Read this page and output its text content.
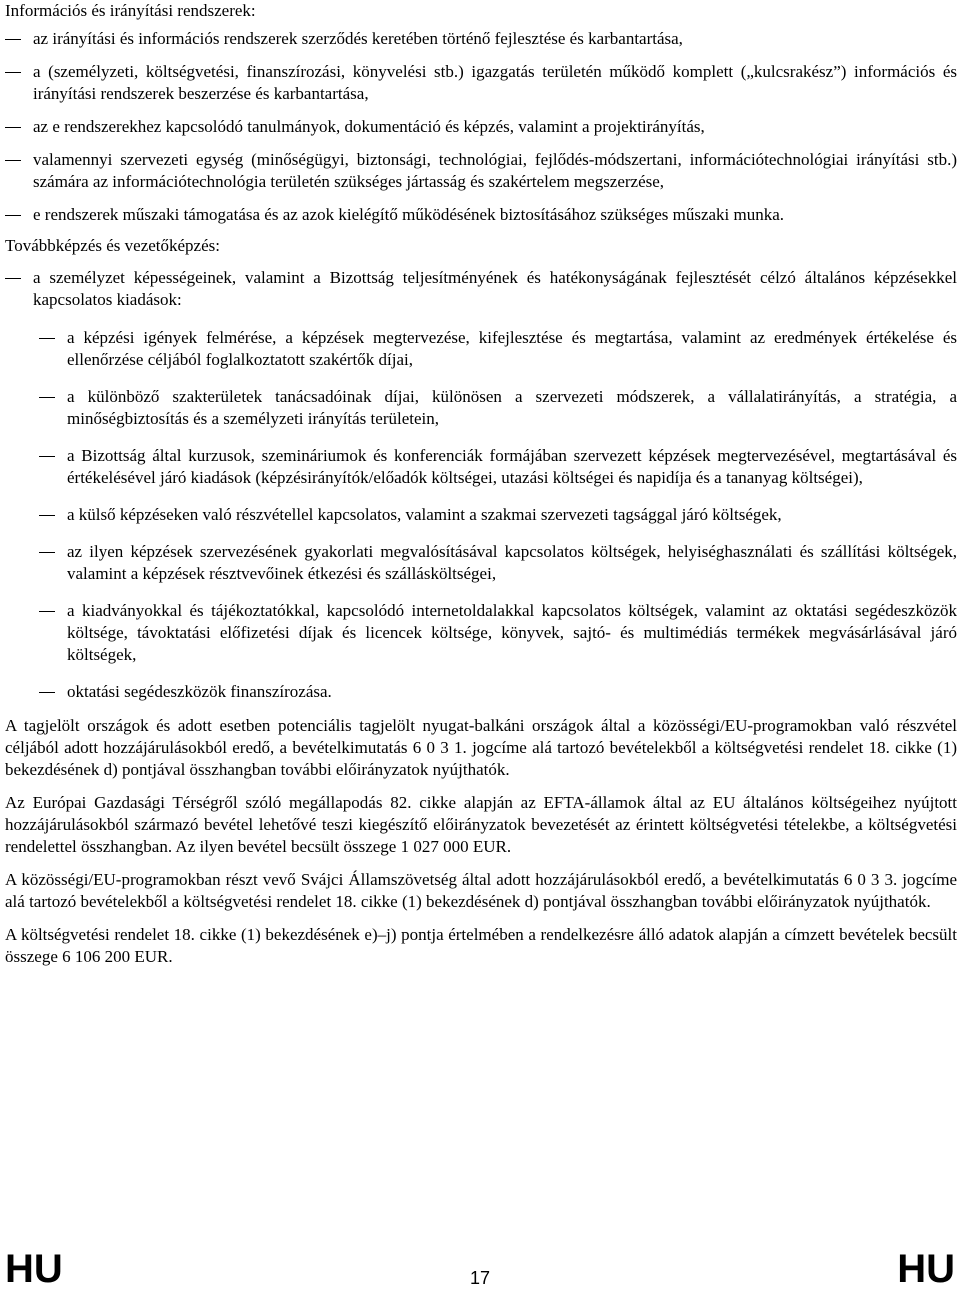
Információs és irányítási rendszerek:

az irányítási és információs rendszerek szerződés keretében történő fejlesztése és karbantartása,
a (személyzeti, költségvetési, finanszírozási, könyvelési stb.) igazgatás területén működő komplett („kulcsrakész”) információs és irányítási rendszerek beszerzése és karbantartása,
az e rendszerekhez kapcsolódó tanulmányok, dokumentáció és képzés, valamint a projektirányítás,
valamennyi szervezeti egység (minőségügyi, biztonsági, technológiai, fejlődés-módszertani, információtechnológiai irányítási stb.) számára az információtechnológia területén szükséges jártasság és szakértelem megszerzése,
e rendszerek műszaki támogatása és az azok kielégítő működésének biztosításához szükséges műszaki munka.

Továbbképzés és vezetőképzés:

a személyzet képességeinek, valamint a Bizottság teljesítményének és hatékonyságának fejlesztését célzó általános képzésekkel kapcsolatos kiadások:
a képzési igények felmérése, a képzések megtervezése, kifejlesztése és megtartása, valamint az eredmények értékelése és ellenőrzése céljából foglalkoztatott szakértők díjai,
a különböző szakterületek tanácsadóinak díjai, különösen a szervezeti módszerek, a vállalatirányítás, a stratégia, a minőségbiztosítás és a személyzeti irányítás területein,
a Bizottság által kurzusok, szemináriumok és konferenciák formájában szervezett képzések megtervezésével, megtartásával és értékelésével járó kiadások (képzésirányítók/előadók költségei, utazási költségei és napidíja és a tananyag költségei),
a külső képzéseken való részvétellel kapcsolatos, valamint a szakmai szervezeti tagsággal járó költségek,
az ilyen képzések szervezésének gyakorlati megvalósításával kapcsolatos költségek, helyiséghasználati és szállítási költségek, valamint a képzések résztvevőinek étkezési és szállásköltségei,
a kiadványokkal és tájékoztatókkal, kapcsolódó internetoldalakkal kapcsolatos költségek, valamint az oktatási segédeszközök költsége, távoktatási előfizetési díjak és licencek költsége, könyvek, sajtó- és multimédiás termékek megvásárlásával járó költségek,
oktatási segédeszközök finanszírozása.

A tagjelölt országok és adott esetben potenciális tagjelölt nyugat-balkáni országok által a közösségi/EU-programokban való részvétel céljából adott hozzájárulásokból eredő, a bevételkimutatás 6 0 3 1. jogcíme alá tartozó bevételekből a költségvetési rendelet 18. cikke (1) bekezdésének d) pontjával összhangban további előirányzatok nyújthatók.

Az Európai Gazdasági Térségről szóló megállapodás 82. cikke alapján az EFTA-államok által az EU általános költségeihez nyújtott hozzájárulásokból származó bevétel lehetővé teszi kiegészítő előirányzatok bevezetését az érintett költségvetési tételekbe, a költségvetési rendelettel összhangban. Az ilyen bevétel becsült összege 1 027 000 EUR.

A közösségi/EU-programokban részt vevő Svájci Államszövetség által adott hozzájárulásokból eredő, a bevételkimutatás 6 0 3 3. jogcíme alá tartozó bevételekből a költségvetési rendelet 18. cikke (1) bekezdésének d) pontjával összhangban további előirányzatok nyújthatók.

A költségvetési rendelet 18. cikke (1) bekezdésének e)–j) pontja értelmében a rendelkezésre álló adatok alapján a címzett bevételek becsült összege 6 106 200 EUR.

HU	17	HU
